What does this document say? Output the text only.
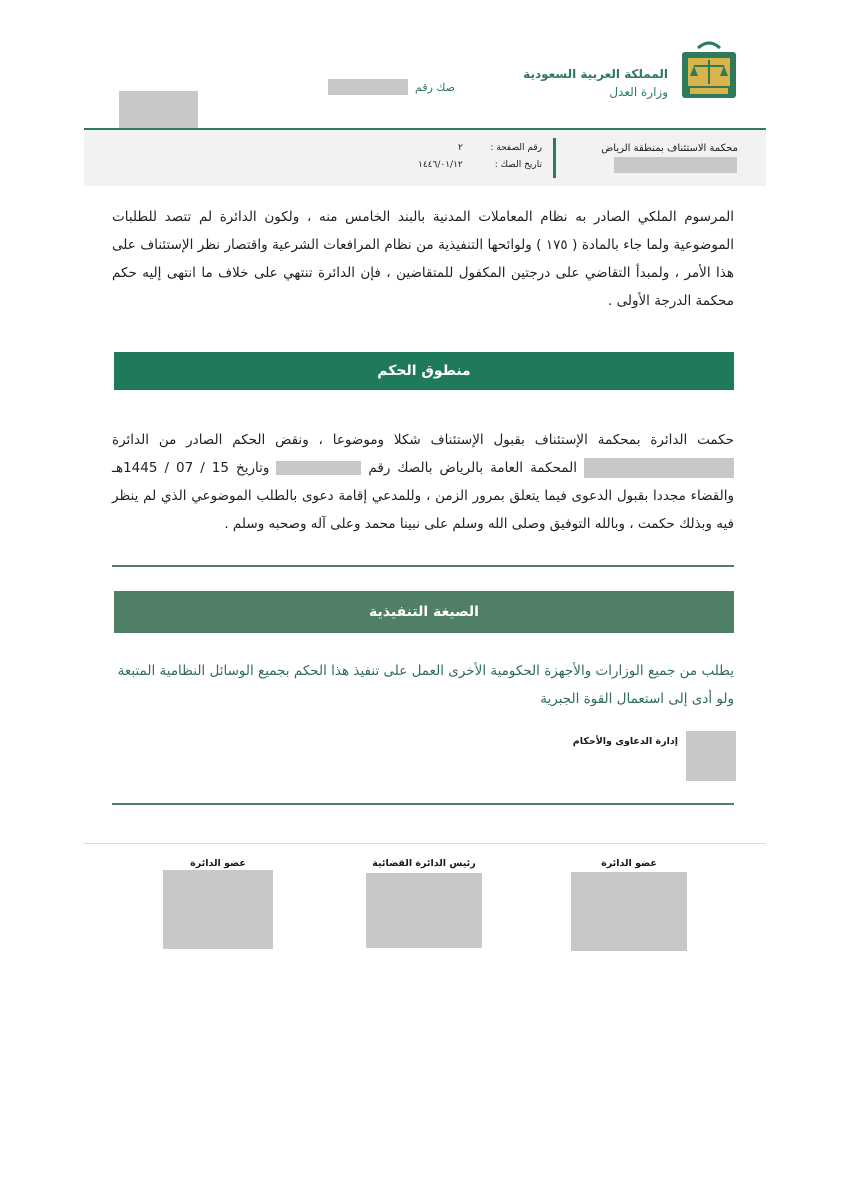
المملكة العربية السعودية
وزارة العدل
صك رقم
محكمة الاستئناف بمنطقة الرياض
رقم الصفحة :
٢
تاريخ الصك :
١٤٤٦/٠١/١٢
المرسوم الملكي الصادر به نظام المعاملات المدنية بالبند الخامس منه ، ولكون الدائرة لم تتصد للطلبات الموضوعية ولما جاء بالمادة ( ١٧٥ ) ولوائحها التنفيذية من نظام المرافعات الشرعية واقتصار نظر الإستئناف على هذا الأمر ، ولمبدأ التقاضي على درجتين المكفول للمتقاضين ، فإن الدائرة تنتهي على خلاف ما انتهى إليه حكم محكمة الدرجة الأولى .
منطوق الحكم
حكمت الدائرة بمحكمة الإستئناف بقبول الإستئناف شكلا وموضوعا ، ونقض الحكم الصادر من الدائرة  المحكمة العامة بالرياض بالصك رقم  وتاريخ 15 / 07 / 1445هـ والقضاء مجددا بقبول الدعوى فيما يتعلق بمرور الزمن ، وللمدعي إقامة دعوى بالطلب الموضوعي الذي لم ينظر فيه وبذلك حكمت ، وبالله التوفيق وصلى الله وسلم على نبينا محمد وعلى آله وصحبه وسلم .
الصيغة التنفيذية
يطلب من جميع الوزارات والأجهزة الحكومية الأخرى العمل على تنفيذ هذا الحكم بجميع الوسائل النظامية المتبعة ولو أدى إلى استعمال القوة الجبرية
إدارة الدعاوى والأحكام
عضو الدائرة
رئيس الدائرة القضائية
عضو الدائرة
